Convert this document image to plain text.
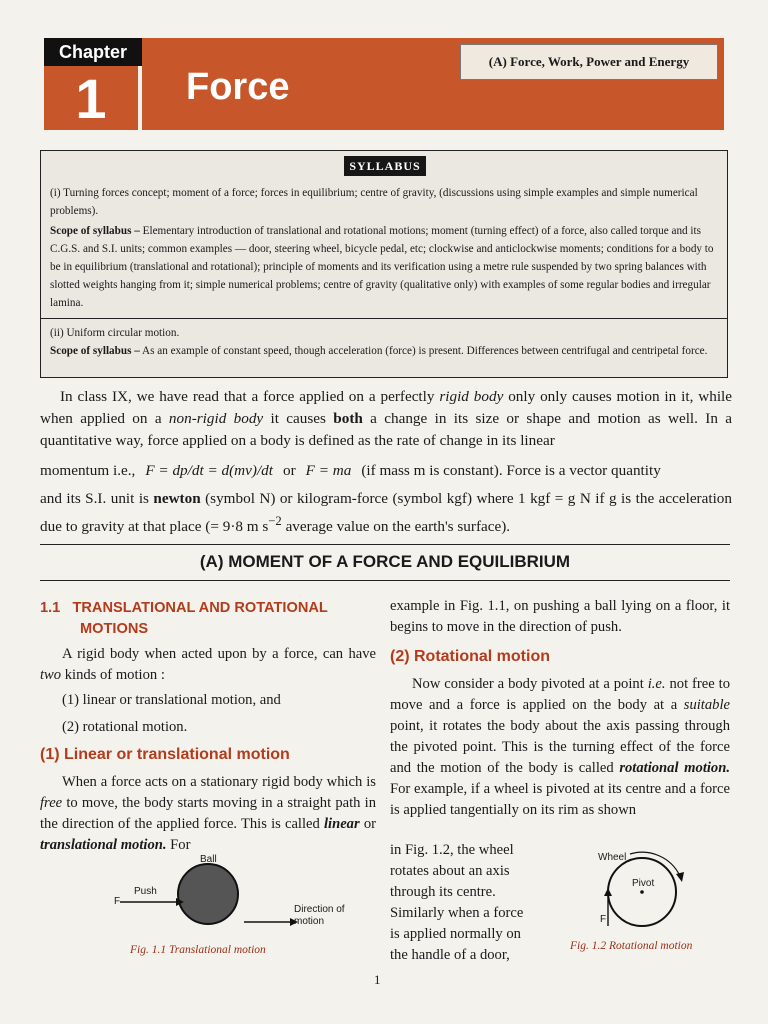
Chapter
1	Force
(A) Force, Work, Power and Energy
SYLLABUS
(i) Turning forces concept; moment of a force; forces in equilibrium; centre of gravity, (discussions using simple examples and simple numerical problems).
Scope of syllabus – Elementary introduction of translational and rotational motions; moment (turning effect) of a force, also called torque and its C.G.S. and S.I. units; common examples — door, steering wheel, bicycle pedal, etc; clockwise and anticlockwise moments; conditions for a body to be in equilibrium (translational and rotational); principle of moments and its verification using a metre rule suspended by two spring balances with slotted weights hanging from it; simple numerical problems; centre of gravity (qualitative only) with examples of some regular bodies and irregular lamina.
(ii) Uniform circular motion.
Scope of syllabus – As an example of constant speed, though acceleration (force) is present. Differences between centrifugal and centripetal force.
In class IX, we have read that a force applied on a perfectly rigid body only only causes motion in it, while when applied on a non-rigid body it causes both a change in its size or shape and motion as well. In a quantitative way, force applied on a body is defined as the rate of change in its linear
momentum i.e., F = dp/dt = d(mv)/dt or F = ma (if mass m is constant). Force is a vector quantity
and its S.I. unit is newton (symbol N) or kilogram-force (symbol kgf) where 1 kgf = g N if g is the acceleration due to gravity at that place (= 9·8 m $s^{-2}$ average value on the earth's surface).
(A) MOMENT OF A FORCE AND EQUILIBRIUM
1.1 TRANSLATIONAL AND ROTATIONAL
MOTIONS
A rigid body when acted upon by a force, can have two kinds of motion :
(1) linear or translational motion, and
(2) rotational motion.
(1) Linear or translational motion
When a force acts on a stationary rigid body which is free to move, the body starts moving in a straight path in the direction of the applied force. This is called linear or translational motion. For
Ball
Push
F
Direction of
motion
Fig. 1.1 Translational motion
example in Fig. 1.1, on pushing a ball lying on a floor, it begins to move in the direction of push.
(2) Rotational motion
Now consider a body pivoted at a point i.e. not free to move and a force is applied on the body at a suitable point, it rotates the body about the axis passing through the pivoted point. This is the turning effect of the force and the motion of the body is called rotational motion. For example, if a wheel is pivoted at its centre and a force is applied tangentially on its rim as shown
in Fig. 1.2, the wheel
rotates about an axis
through its centre.
Similarly when a force
is applied normally on
the handle of a door,
Wheel
Pivot
F
Fig. 1.2 Rotational motion
1
